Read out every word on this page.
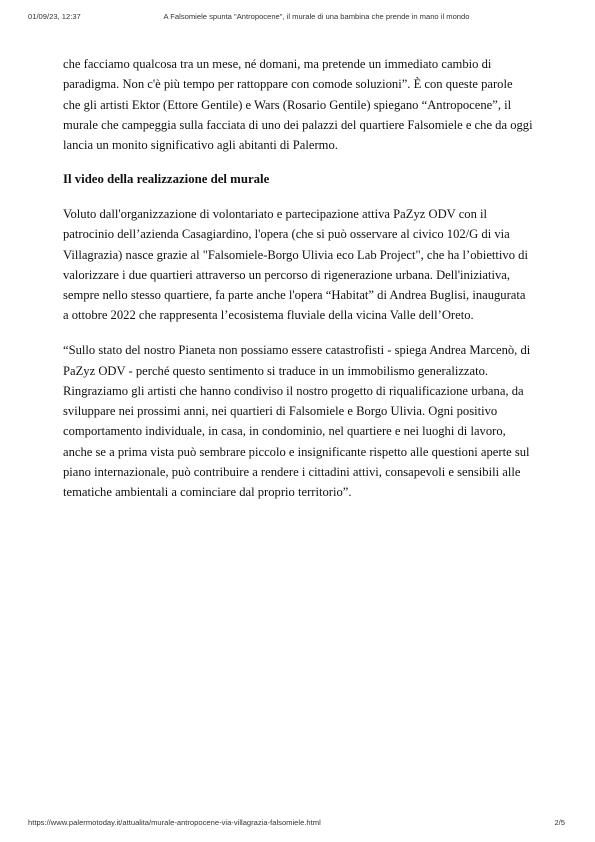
01/09/23, 12:37	A Falsomiele spunta "Antropocene", il murale di una bambina che prende in mano il mondo

che facciamo qualcosa tra un mese, né domani, ma pretende un immediato cambio di paradigma. Non c'è più tempo per rattoppare con comode soluzioni”. È con queste parole che gli artisti Ektor (Ettore Gentile) e Wars (Rosario Gentile) spiegano “Antropocene”, il murale che campeggia sulla facciata di uno dei palazzi del quartiere Falsomiele e che da oggi lancia un monito significativo agli abitanti di Palermo.

Il video della realizzazione del murale

Voluto dall'organizzazione di volontariato e partecipazione attiva PaZyz ODV con il patrocinio dell’azienda Casagiardino, l'opera (che si può osservare al civico 102/G di via Villagrazia) nasce grazie al "Falsomiele-Borgo Ulivia eco Lab Project", che ha l’obiettivo di valorizzare i due quartieri attraverso un percorso di rigenerazione urbana. Dell'iniziativa, sempre nello stesso quartiere, fa parte anche l'opera “Habitat” di Andrea Buglisi, inaugurata a ottobre 2022 che rappresenta l’ecosistema fluviale della vicina Valle dell’Oreto.

“Sullo stato del nostro Pianeta non possiamo essere catastrofisti - spiega Andrea Marcenò, di PaZyz ODV - perché questo sentimento si traduce in un immobilismo generalizzato. Ringraziamo gli artisti che hanno condiviso il nostro progetto di riqualificazione urbana, da sviluppare nei prossimi anni, nei quartieri di Falsomiele e Borgo Ulivia. Ogni positivo comportamento individuale, in casa, in condominio, nel quartiere e nei luoghi di lavoro, anche se a prima vista può sembrare piccolo e insignificante rispetto alle questioni aperte sul piano internazionale, può contribuire a rendere i cittadini attivi, consapevoli e sensibili alle tematiche ambientali a cominciare dal proprio territorio”.

https://www.palermotoday.it/attualita/murale-antropocene-via-villagrazia-falsomiele.html	2/5
